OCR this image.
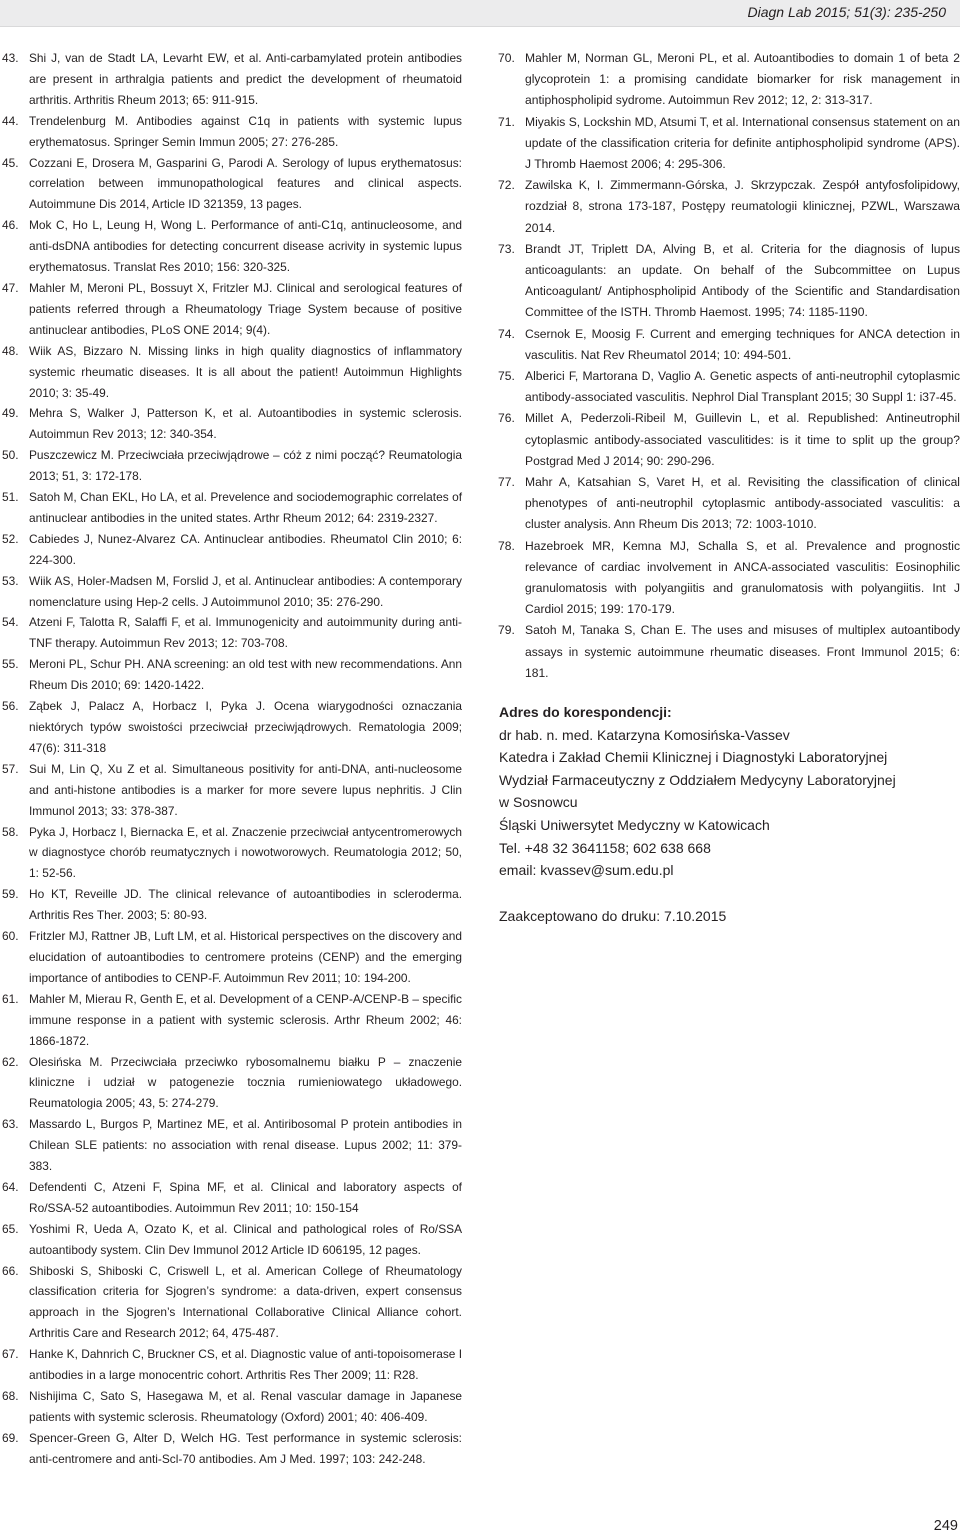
Diagn Lab 2015; 51(3): 235-250
43. Shi J, van de Stadt LA, Levarht EW, et al. Anti-carbamylated protein antibodies are present in arthralgia patients and predict the development of rheumatoid arthritis. Arthritis Rheum 2013; 65: 911-915.
44. Trendelenburg M. Antibodies against C1q in patients with systemic lupus erythematosus. Springer Semin Immun 2005; 27: 276-285.
45. Cozzani E, Drosera M, Gasparini G, Parodi A. Serology of lupus erythematosus: correlation between immunopathological features and clinical aspects. Autoimmune Dis 2014, Article ID 321359, 13 pages.
46. Mok C, Ho L, Leung H, Wong L. Performance of anti-C1q, antinucleosome, and anti-dsDNA antibodies for detecting concurrent disease acrivity in systemic lupus erythematosus. Translat Res 2010; 156: 320-325.
47. Mahler M, Meroni PL, Bossuyt X, Fritzler MJ. Clinical and serological features of patients referred through a Rheumatology Triage System because of positive antinuclear antibodies, PLoS ONE 2014; 9(4).
48. Wiik AS, Bizzaro N. Missing links in high quality diagnostics of inflammatory systemic rheumatic diseases. It is all about the patient! Autoimmun Highlights 2010; 3: 35-49.
49. Mehra S, Walker J, Patterson K, et al. Autoantibodies in systemic sclerosis. Autoimmun Rev 2013; 12: 340-354.
50. Puszczewicz M. Przeciwciała przeciwjądrowe – cóż z nimi począć? Reumatologia 2013; 51, 3: 172-178.
51. Satoh M, Chan EKL, Ho LA, et al. Prevelence and sociodemographic correlates of antinuclear antibodies in the united states. Arthr Rheum 2012; 64: 2319-2327.
52. Cabiedes J, Nunez-Alvarez CA. Antinuclear antibodies. Rheumatol Clin 2010; 6: 224-300.
53. Wiik AS, Holer-Madsen M, Forslid J, et al. Antinuclear antibodies: A contemporary nomenclature using Hep-2 cells. J Autoimmunol 2010; 35: 276-290.
54. Atzeni F, Talotta R, Salaffi F, et al. Immunogenicity and autoimmunity during anti-TNF therapy. Autoimmun Rev 2013; 12: 703-708.
55. Meroni PL, Schur PH. ANA screening: an old test with new recommendations. Ann Rheum Dis 2010; 69: 1420-1422.
56. Ząbek J, Palacz A, Horbacz I, Pyka J. Ocena wiarygodności oznaczania niektórych typów swoistości przeciwciał przeciwjądrowych. Rematologia 2009; 47(6): 311-318
57. Sui M, Lin Q, Xu Z et al. Simultaneous positivity for anti-DNA, anti-nucleosome and anti-histone antibodies is a marker for more severe lupus nephritis. J Clin Immunol 2013; 33: 378-387.
58. Pyka J, Horbacz I, Biernacka E, et al. Znaczenie przeciwciał antycentromerowych w diagnostyce chorób reumatycznych i nowotworowych. Reumatologia 2012; 50, 1: 52-56.
59. Ho KT, Reveille JD. The clinical relevance of autoantibodies in scleroderma. Arthritis Res Ther. 2003; 5: 80-93.
60. Fritzler MJ, Rattner JB, Luft LM, et al. Historical perspectives on the discovery and elucidation of autoantibodies to centromere proteins (CENP) and the emerging importance of antibodies to CENP-F. Autoimmun Rev 2011; 10: 194-200.
61. Mahler M, Mierau R, Genth E, et al. Development of a CENP-A/CENP-B – specific immune response in a patient with systemic sclerosis. Arthr Rheum 2002; 46: 1866-1872.
62. Olesińska M. Przeciwciała przeciwko rybosomalnemu białku P – znaczenie kliniczne i udział w patogenezie tocznia rumieniowatego układowego. Reumatologia 2005; 43, 5: 274-279.
63. Massardo L, Burgos P, Martinez ME, et al. Antiribosomal P protein antibodies in Chilean SLE patients: no association with renal disease. Lupus 2002; 11: 379-383.
64. Defendenti C, Atzeni F, Spina MF, et al. Clinical and laboratory aspects of Ro/SSA-52 autoantibodies. Autoimmun Rev 2011; 10: 150-154
65. Yoshimi R, Ueda A, Ozato K, et al. Clinical and pathological roles of Ro/SSA autoantibody system. Clin Dev Immunol 2012 Article ID 606195, 12 pages.
66. Shiboski S, Shiboski C, Criswell L, et al. American College of Rheumatology classification criteria for Sjogren’s syndrome: a data-driven, expert consensus approach in the Sjogren’s International Collaborative Clinical Alliance cohort. Arthritis Care and Research 2012; 64, 475-487.
67. Hanke K, Dahnrich C, Bruckner CS, et al. Diagnostic value of anti-topoisomerase I antibodies in a large monocentric cohort. Arthritis Res Ther 2009; 11: R28.
68. Nishijima C, Sato S, Hasegawa M, et al. Renal vascular damage in Japanese patients with systemic sclerosis. Rheumatology (Oxford) 2001; 40: 406-409.
69. Spencer-Green G, Alter D, Welch HG. Test performance in systemic sclerosis: anti-centromere and anti-Scl-70 antibodies. Am J Med. 1997; 103: 242-248.
70. Mahler M, Norman GL, Meroni PL, et al. Autoantibodies to domain 1 of beta 2 glycoprotein 1: a promising candidate biomarker for risk management in antiphospholipid sydrome. Autoimmun Rev 2012; 12, 2: 313-317.
71. Miyakis S, Lockshin MD, Atsumi T, et al. International consensus statement on an update of the classification criteria for definite antiphospholipid syndrome (APS). J Thromb Haemost 2006; 4: 295-306.
72. Zawilska K, I. Zimmermann-Górska, J. Skrzypczak. Zespół antyfosfolipidowy, rozdział 8, strona 173-187, Postępy reumatologii klinicznej, PZWL, Warszawa 2014.
73. Brandt JT, Triplett DA, Alving B, et al. Criteria for the diagnosis of lupus anticoagulants: an update. On behalf of the Subcommittee on Lupus Anticoagulant/ Antiphospholipid Antibody of the Scientific and Standardisation Committee of the ISTH. Thromb Haemost. 1995; 74: 1185-1190.
74. Csernok E, Moosig F. Current and emerging techniques for ANCA detection in vasculitis. Nat Rev Rheumatol 2014; 10: 494-501.
75. Alberici F, Martorana D, Vaglio A. Genetic aspects of anti-neutrophil cytoplasmic antibody-associated vasculitis. Nephrol Dial Transplant 2015; 30 Suppl 1: i37-45.
76. Millet A, Pederzoli-Ribeil M, Guillevin L, et al. Republished: Antineutrophil cytoplasmic antibody-associated vasculitides: is it time to split up the group? Postgrad Med J 2014; 90: 290-296.
77. Mahr A, Katsahian S, Varet H, et al. Revisiting the classification of clinical phenotypes of anti-neutrophil cytoplasmic antibody-associated vasculitis: a cluster analysis. Ann Rheum Dis 2013; 72: 1003-1010.
78. Hazebroek MR, Kemna MJ, Schalla S, et al. Prevalence and prognostic relevance of cardiac involvement in ANCA-associated vasculitis: Eosinophilic granulomatosis with polyangiitis and granulomatosis with polyangiitis. Int J Cardiol 2015; 199: 170-179.
79. Satoh M, Tanaka S, Chan E. The uses and misuses of multiplex autoantibody assays in systemic autoimmune rheumatic diseases. Front Immunol 2015; 6: 181.
Adres do korespondencji:
dr hab. n. med. Katarzyna Komosińska-Vassev
Katedra i Zakład Chemii Klinicznej i Diagnostyki Laboratoryjnej
Wydział Farmaceutyczny z Oddziałem Medycyny Laboratoryjnej
w Sosnowcu
Śląski Uniwersytet Medyczny w Katowicach
Tel. +48 32 3641158; 602 638 668
email: kvassev@sum.edu.pl
Zaakceptowano do druku: 7.10.2015
249
